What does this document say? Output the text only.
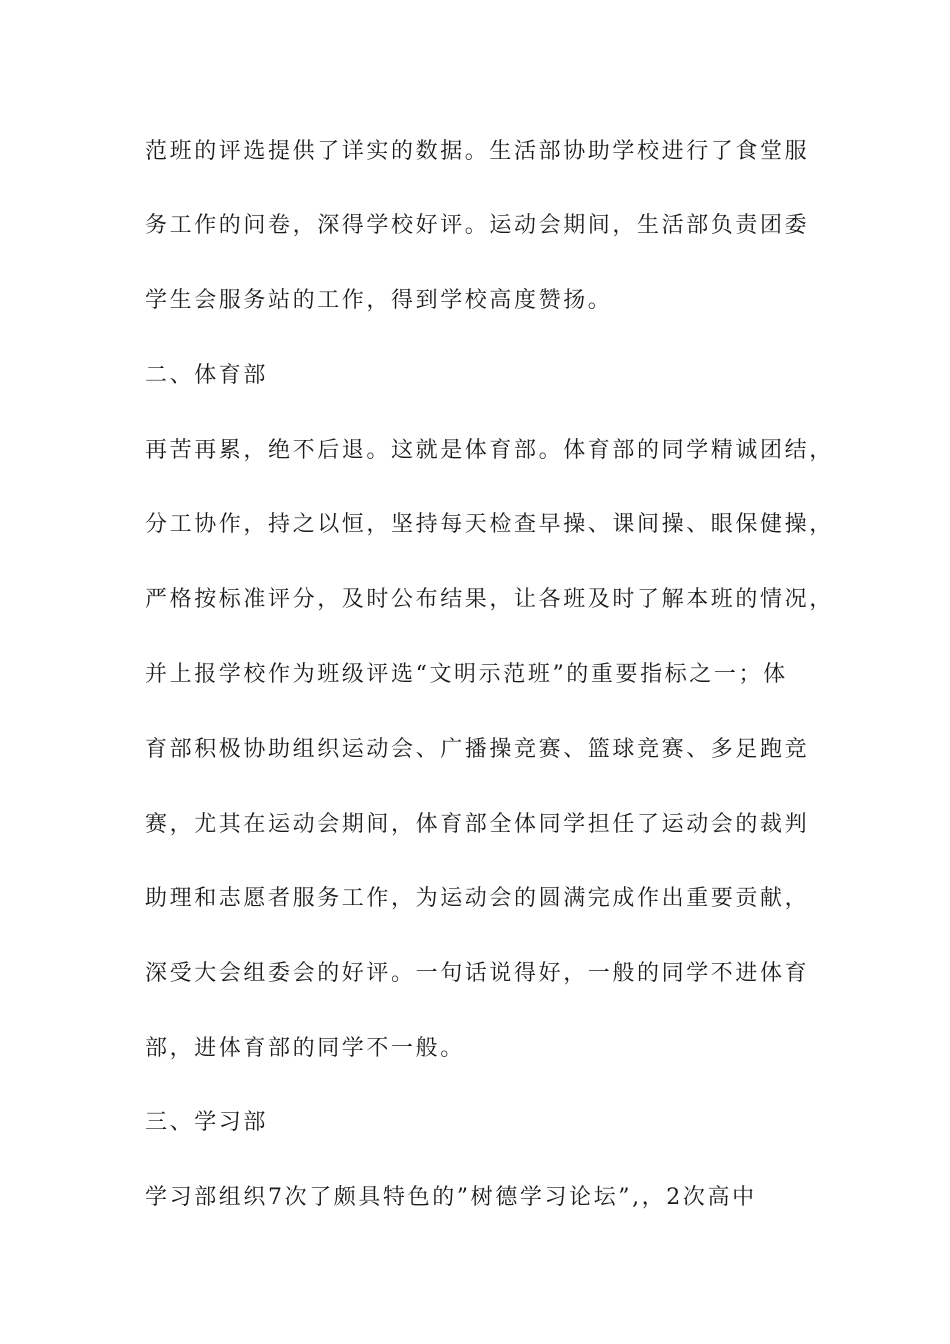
范班的评选提供了详实的数据。生活部协助学校进行了食堂服
务工作的问卷，深得学校好评。运动会期间，生活部负责团委
学生会服务站的工作，得到学校高度赞扬。
二、体育部
再苦再累，绝不后退。这就是体育部。体育部的同学精诚团结，
分工协作，持之以恒，坚持每天检查早操、课间操、眼保健操，
严格按标准评分，及时公布结果，让各班及时了解本班的情况，
并上报学校作为班级评选“文明示范班”的重要指标之一；体
育部积极协助组织运动会、广播操竞赛、篮球竞赛、多足跑竞
赛，尤其在运动会期间，体育部全体同学担任了运动会的裁判
助理和志愿者服务工作，为运动会的圆满完成作出重要贡献，
深受大会组委会的好评。一句话说得好，一般的同学不进体育
部，进体育部的同学不一般。
三、学习部
学习部组织7次了颇具特色的”树德学习论坛”,，2次高中
